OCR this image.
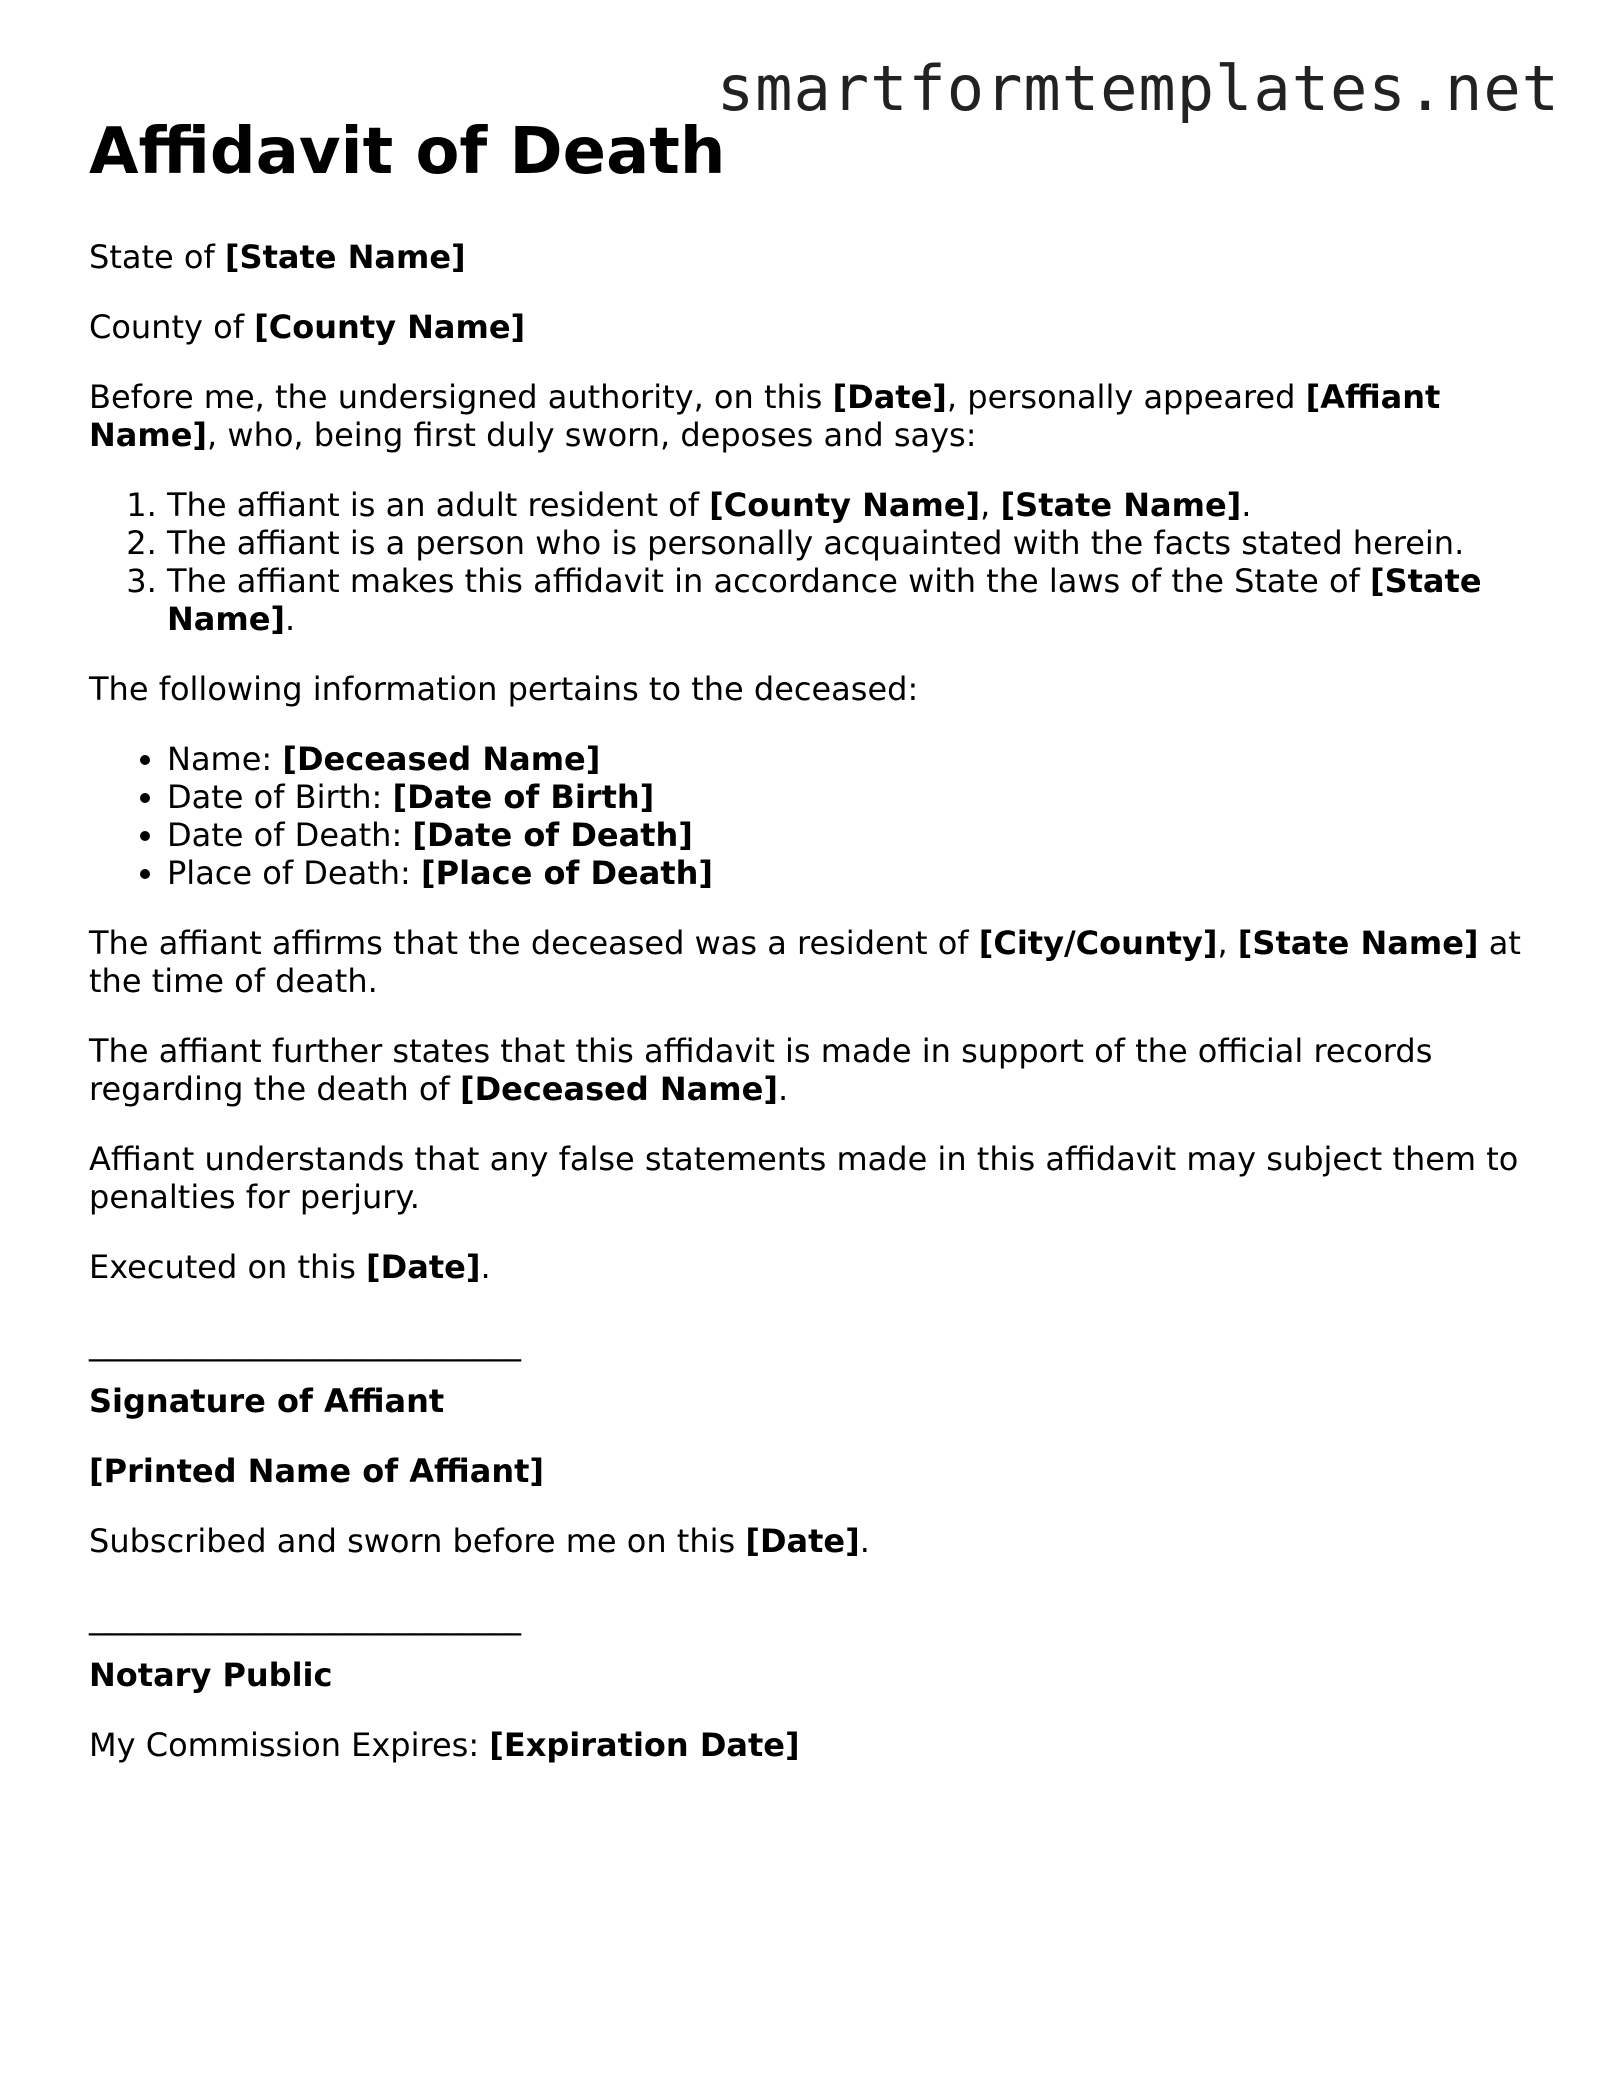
smartformtemplates.net
Affidavit of Death

State of [State Name]

County of [County Name]

Before me, the undersigned authority, on this [Date], personally appeared [Affiant Name], who, being first duly sworn, deposes and says:

1. The affiant is an adult resident of [County Name], [State Name].
2. The affiant is a person who is personally acquainted with the facts stated herein.
3. The affiant makes this affidavit in accordance with the laws of the State of [State Name].

The following information pertains to the deceased:

• Name: [Deceased Name]
• Date of Birth: [Date of Birth]
• Date of Death: [Date of Death]
• Place of Death: [Place of Death]

The affiant affirms that the deceased was a resident of [City/County], [State Name] at the time of death.

The affiant further states that this affidavit is made in support of the official records regarding the death of [Deceased Name].

Affiant understands that any false statements made in this affidavit may subject them to penalties for perjury.

Executed on this [Date].

___________________________

Signature of Affiant

[Printed Name of Affiant]

Subscribed and sworn before me on this [Date].

___________________________

Notary Public

My Commission Expires: [Expiration Date]
